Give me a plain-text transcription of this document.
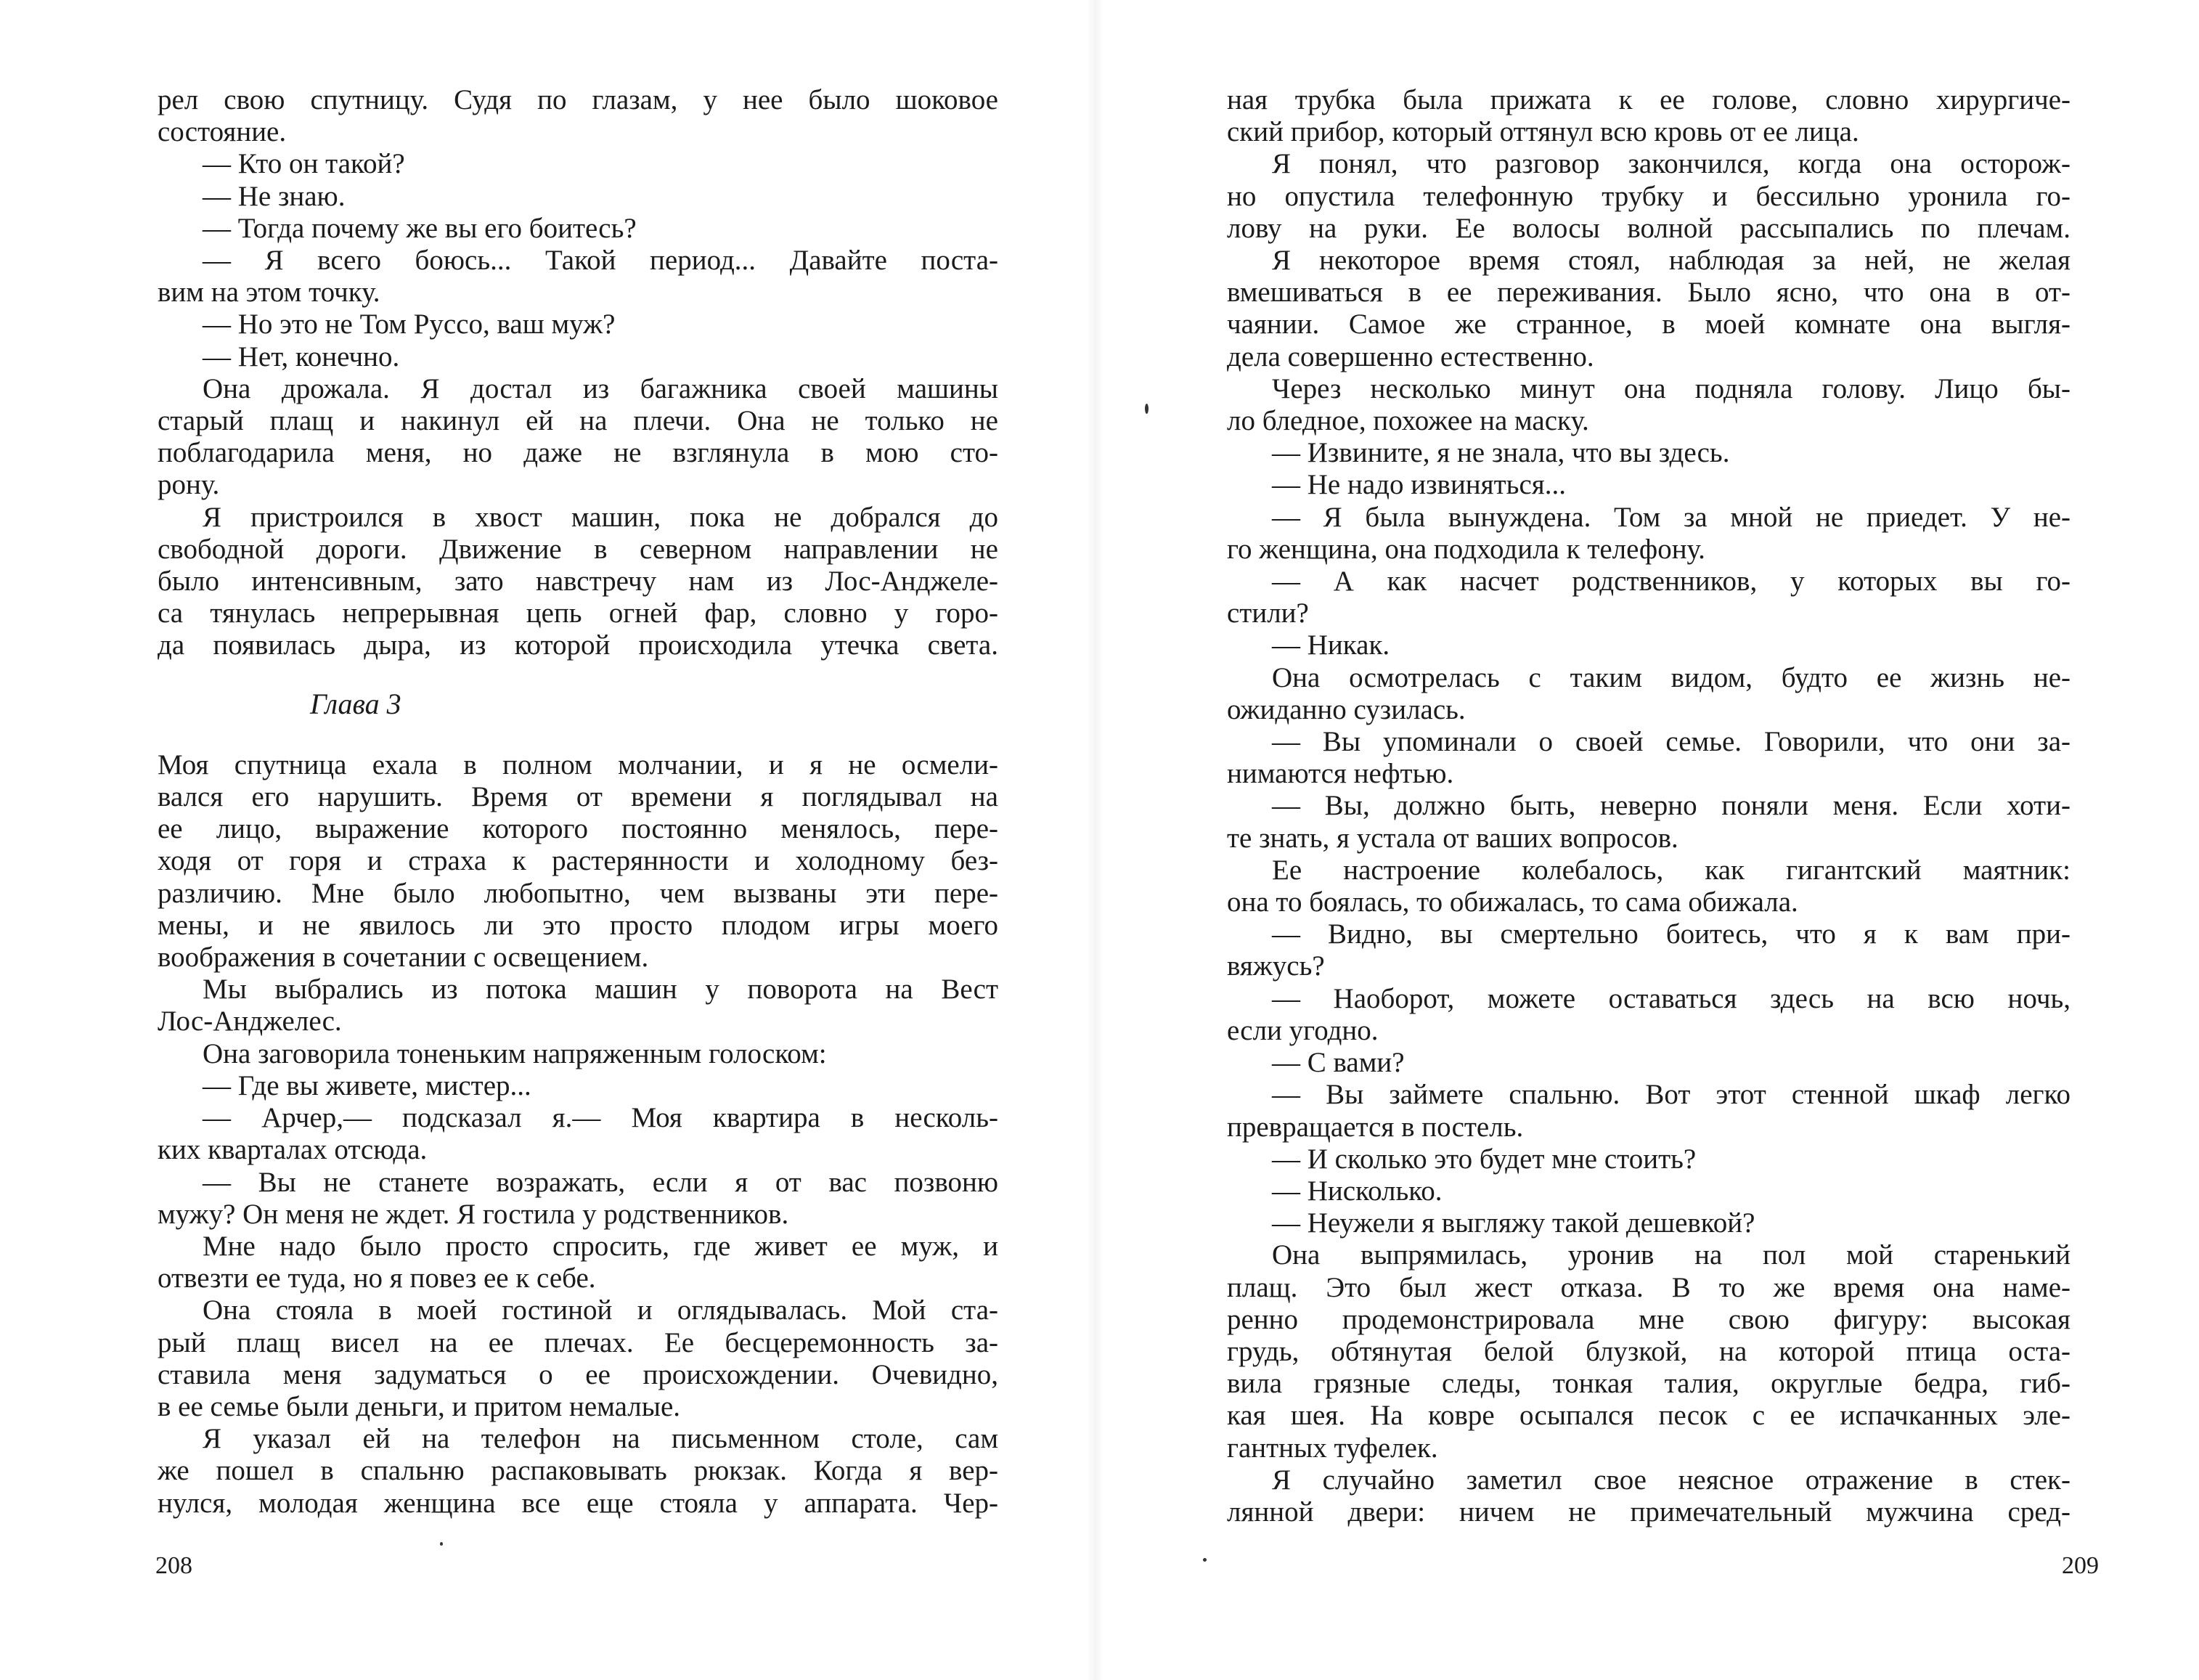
рел свою спутницу. Судя по глазам, у нее было шоковое
состояние.
— Кто он такой?
— Не знаю.
— Тогда почему же вы его боитесь?
— Я всего боюсь... Такой период... Давайте поста-
вим на этом точку.
— Но это не Том Руссо, ваш муж?
— Нет, конечно.
Она дрожала. Я достал из багажника своей машины
старый плащ и накинул ей на плечи. Она не только не
поблагодарила меня, но даже не взглянула в мою сто-
рону.
Я пристроился в хвост машин, пока не добрался до
свободной дороги. Движение в северном направлении не
было интенсивным, зато навстречу нам из Лос-Анджеле-
са тянулась непрерывная цепь огней фар, словно у горо-
да появилась дыра, из которой происходила утечка света.
Глава 3
Моя спутница ехала в полном молчании, и я не осмели-
вался его нарушить. Время от времени я поглядывал на
ее лицо, выражение которого постоянно менялось, пере-
ходя от горя и страха к растерянности и холодному без-
различию. Мне было любопытно, чем вызваны эти пере-
мены, и не явилось ли это просто плодом игры моего
воображения в сочетании с освещением.
Мы выбрались из потока машин у поворота на Вест
Лос-Анджелес.
Она заговорила тоненьким напряженным голоском:
— Где вы живете, мистер...
— Арчер,— подсказал я.— Моя квартира в несколь-
ких кварталах отсюда.
— Вы не станете возражать, если я от вас позвоню
мужу? Он меня не ждет. Я гостила у родственников.
Мне надо было просто спросить, где живет ее муж, и
отвезти ее туда, но я повез ее к себе.
Она стояла в моей гостиной и оглядывалась. Мой ста-
рый плащ висел на ее плечах. Ее бесцеремонность за-
ставила меня задуматься о ее происхождении. Очевидно,
в ее семье были деньги, и притом немалые.
Я указал ей на телефон на письменном столе, сам
же пошел в спальню распаковывать рюкзак. Когда я вер-
нулся, молодая женщина все еще стояла у аппарата. Чер-
208
ная трубка была прижата к ее голове, словно хирургиче-
ский прибор, который оттянул всю кровь от ее лица.
Я понял, что разговор закончился, когда она осторож-
но опустила телефонную трубку и бессильно уронила го-
лову на руки. Ее волосы волной рассыпались по плечам.
Я некоторое время стоял, наблюдая за ней, не желая
вмешиваться в ее переживания. Было ясно, что она в от-
чаянии. Самое же странное, в моей комнате она выгля-
дела совершенно естественно.
Через несколько минут она подняла голову. Лицо бы-
ло бледное, похожее на маску.
— Извините, я не знала, что вы здесь.
— Не надо извиняться...
— Я была вынуждена. Том за мной не приедет. У не-
го женщина, она подходила к телефону.
— А как насчет родственников, у которых вы го-
стили?
— Никак.
Она осмотрелась с таким видом, будто ее жизнь не-
ожиданно сузилась.
— Вы упоминали о своей семье. Говорили, что они за-
нимаются нефтью.
— Вы, должно быть, неверно поняли меня. Если хоти-
те знать, я устала от ваших вопросов.
Ее настроение колебалось, как гигантский маятник:
она то боялась, то обижалась, то сама обижала.
— Видно, вы смертельно боитесь, что я к вам при-
вяжусь?
— Наоборот, можете оставаться здесь на всю ночь,
если угодно.
— С вами?
— Вы займете спальню. Вот этот стенной шкаф легко
превращается в постель.
— И сколько это будет мне стоить?
— Нисколько.
— Неужели я выгляжу такой дешевкой?
Она выпрямилась, уронив на пол мой старенький
плащ. Это был жест отказа. В то же время она наме-
ренно продемонстрировала мне свою фигуру: высокая
грудь, обтянутая белой блузкой, на которой птица оста-
вила грязные следы, тонкая талия, округлые бедра, гиб-
кая шея. На ковре осыпался песок с ее испачканных эле-
гантных туфелек.
Я случайно заметил свое неясное отражение в стек-
лянной двери: ничем не примечательный мужчина сред-
209
